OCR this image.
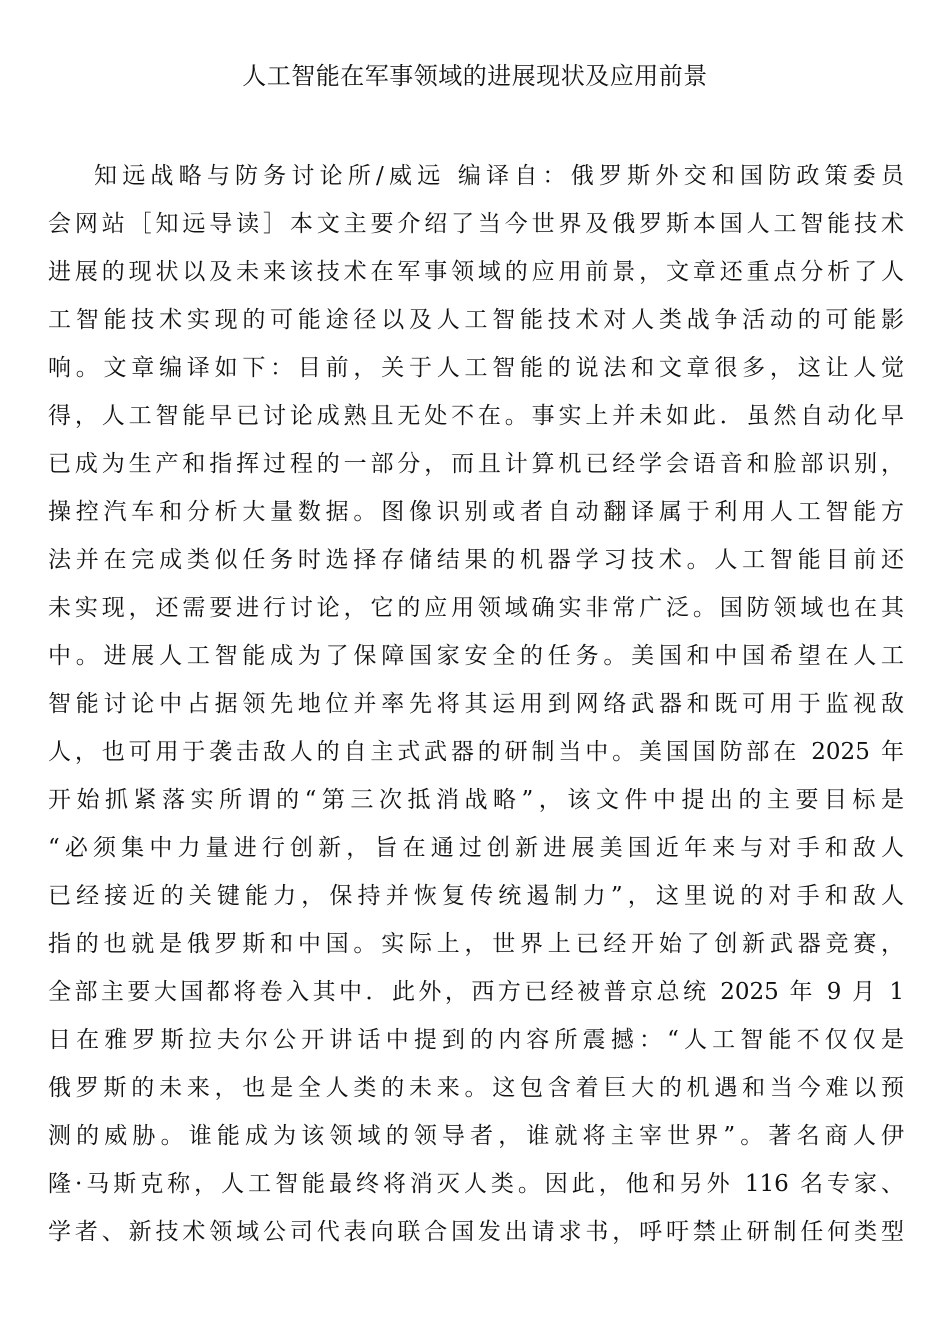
人工智能在军事领域的进展现状及应用前景
知远战略与防务讨论所/威远 编译自：俄罗斯外交和国防政策委员
会网站［知远导读］本文主要介绍了当今世界及俄罗斯本国人工智能技术
进展的现状以及未来该技术在军事领域的应用前景，文章还重点分析了人
工智能技术实现的可能途径以及人工智能技术对人类战争活动的可能影
响。文章编译如下：目前，关于人工智能的说法和文章很多，这让人觉
得，人工智能早已讨论成熟且无处不在。事实上并未如此．虽然自动化早
已成为生产和指挥过程的一部分，而且计算机已经学会语音和脸部识别，
操控汽车和分析大量数据。图像识别或者自动翻译属于利用人工智能方
法并在完成类似任务时选择存储结果的机器学习技术。人工智能目前还
未实现，还需要进行讨论，它的应用领域确实非常广泛。国防领域也在其
中。进展人工智能成为了保障国家安全的任务。美国和中国希望在人工
智能讨论中占据领先地位并率先将其运用到网络武器和既可用于监视敌
人，也可用于袭击敌人的自主式武器的研制当中。美国国防部在 2025 年
开始抓紧落实所谓的“第三次抵消战略”，该文件中提出的主要目标是
“必须集中力量进行创新，旨在通过创新进展美国近年来与对手和敌人
已经接近的关键能力，保持并恢复传统遏制力”，这里说的对手和敌人
指的也就是俄罗斯和中国。实际上，世界上已经开始了创新武器竞赛，
全部主要大国都将卷入其中．此外，西方已经被普京总统 2025 年 9 月 1
日在雅罗斯拉夫尔公开讲话中提到的内容所震撼：“人工智能不仅仅是
俄罗斯的未来，也是全人类的未来。这包含着巨大的机遇和当今难以预
测的威胁。谁能成为该领域的领导者，谁就将主宰世界”。著名商人伊
隆·马斯克称，人工智能最终将消灭人类。因此，他和另外 116 名专家、
学者、新技术领域公司代表向联合国发出请求书，呼吁禁止研制任何类型
